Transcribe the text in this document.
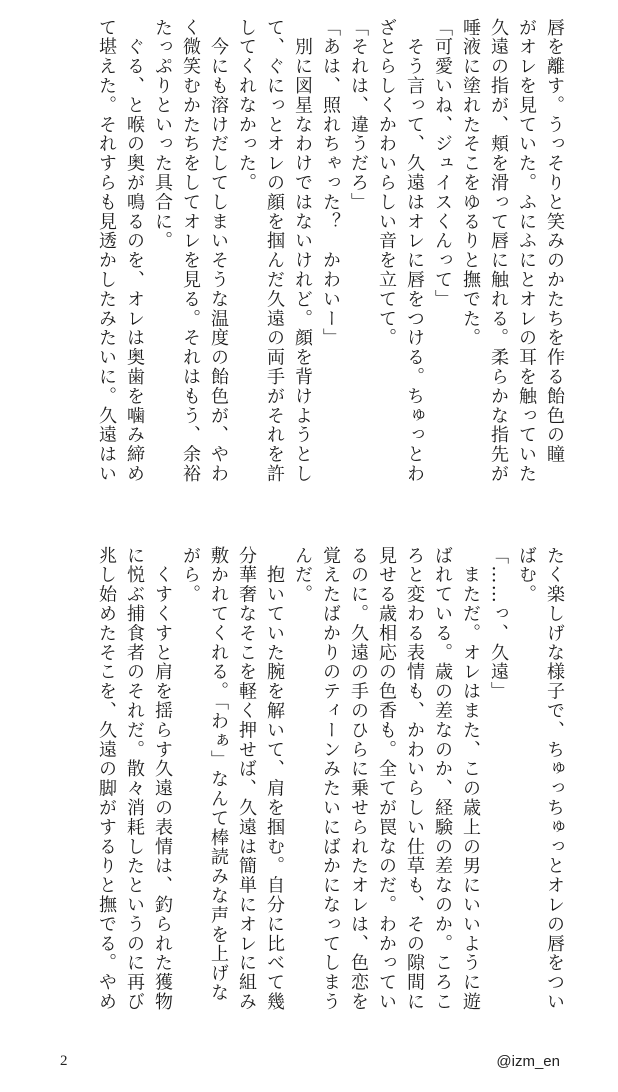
唇を離す。うっそりと笑みのかたちを作る飴色の瞳
がオレを見ていた。ふにふにとオレの耳を触っていた
久遠の指が、頬を滑って唇に触れる。柔らかな指先が
唾液に塗れたそこをゆるりと撫でた。
「可愛いね、ジュイスくんって」
　そう言って、久遠はオレに唇をつける。ちゅっとわ
ざとらしくかわいらしい音を立てて。
「それは、違うだろ」
「あは、照れちゃった？　かわいー」
　別に図星なわけではないけれど。顔を背けようとし
て、ぐにっとオレの顔を掴んだ久遠の両手がそれを許
してくれなかった。
　今にも溶けだしてしまいそうな温度の飴色が、やわ
く微笑むかたちをしてオレを見る。それはもう、余裕
たっぷりといった具合に。
　ぐる、と喉の奥が鳴るのを、オレは奥歯を噛み締め
て堪えた。それすらも見透かしたみたいに。久遠はい
たく楽しげな様子で、ちゅっちゅっとオレの唇をつい
ばむ。
「……っ、久遠」
　まただ。オレはまた、この歳上の男にいいように遊
ばれている。歳の差なのか、経験の差なのか。ころこ
ろと変わる表情も、かわいらしい仕草も、その隙間に
見せる歳相応の色香も。全てが罠なのだ。わかってい
るのに。久遠の手のひらに乗せられたオレは、色恋を
覚えたばかりのティーンみたいにばかになってしまう
んだ。
　抱いていた腕を解いて、肩を掴む。自分に比べて幾
分華奢なそこを軽く押せば、久遠は簡単にオレに組み
敷かれてくれる。「わぁ」なんて棒読みな声を上げな
がら。
　くすくすと肩を揺らす久遠の表情は、釣られた獲物
に悦ぶ捕食者のそれだ。散々消耗したというのに再び
兆し始めたそこを、久遠の脚がするりと撫でる。やめ
2	@izm_en
